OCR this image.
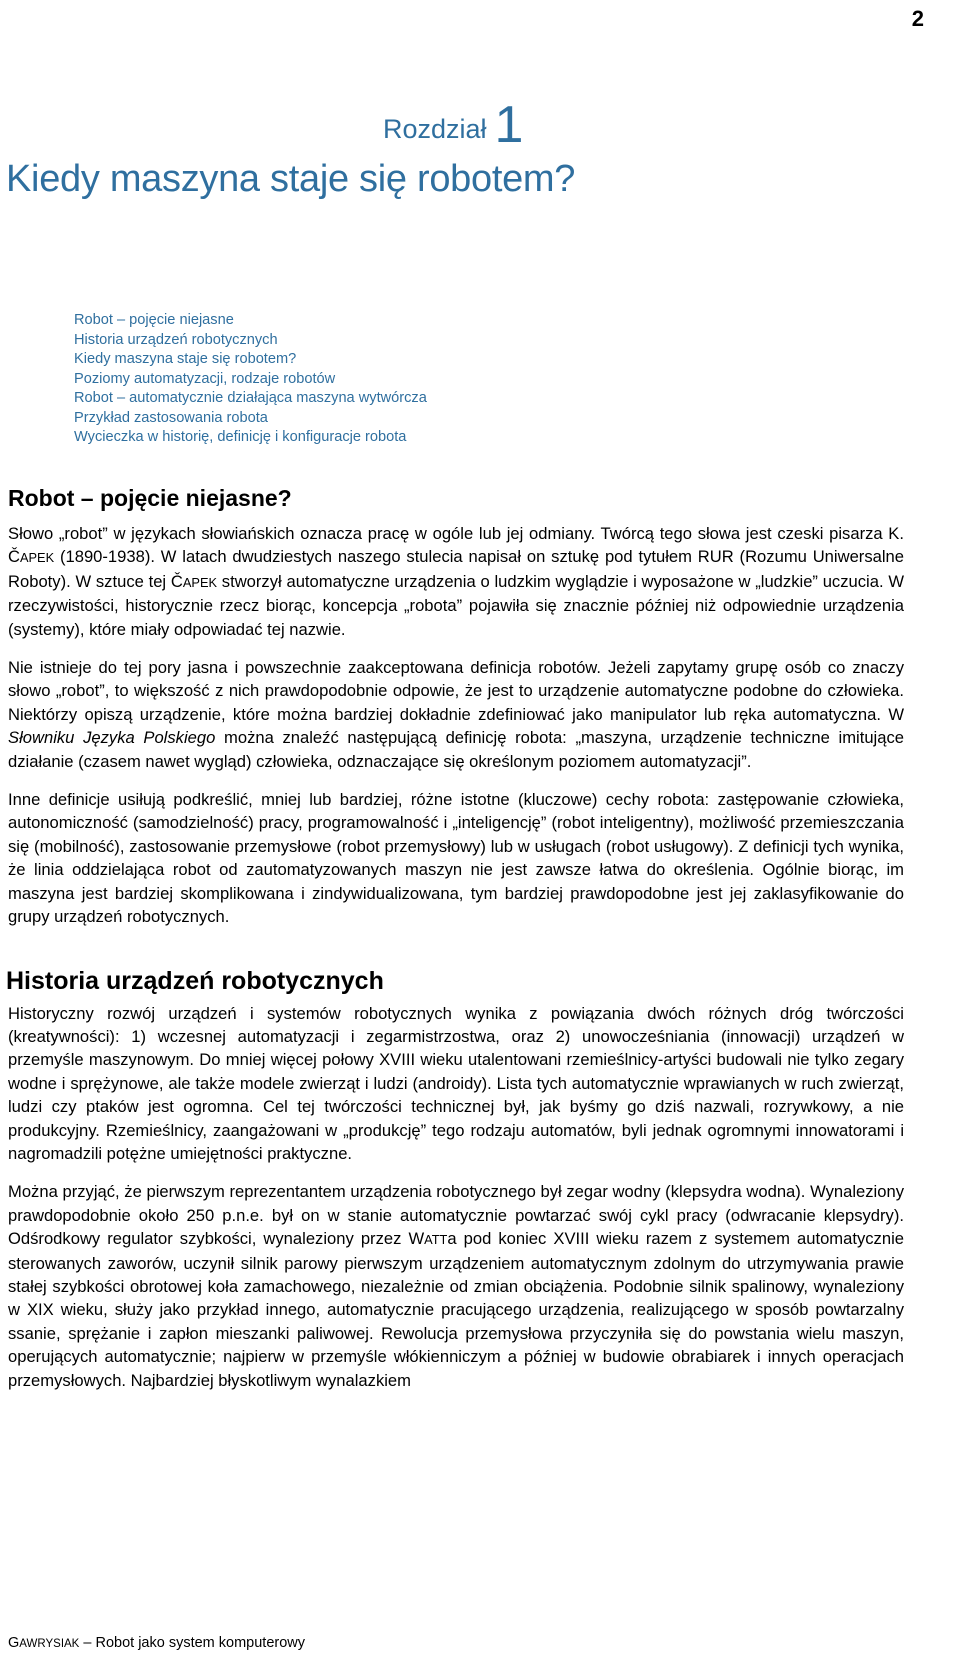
2
Rozdział 1
Kiedy maszyna staje się robotem?
Robot – pojęcie niejasne
Historia urządzeń robotycznych
Kiedy maszyna staje się robotem?
Poziomy automatyzacji, rodzaje robotów
Robot – automatycznie działająca maszyna wytwórcza
Przykład zastosowania robota
Wycieczka w historię, definicję i konfiguracje robota
Robot – pojęcie niejasne?

Słowo „robot” w językach słowiańskich oznacza pracę w ogóle lub jej odmiany. Twórcą tego słowa jest czeski pisarza K. ČAPEK (1890-1938). W latach dwudziestych naszego stulecia napisał on sztukę pod tytułem RUR (Rozumu Uniwersalne Roboty). W sztuce tej ČAPEK stworzył automatyczne urządzenia o ludzkim wyglądzie i wyposażone w „ludzkie” uczucia. W rzeczywistości, historycznie rzecz biorąc, koncepcja „robota” pojawiła się znacznie później niż odpowiednie urządzenia (systemy), które miały odpowiadać tej nazwie.

Nie istnieje do tej pory jasna i powszechnie zaakceptowana definicja robotów. Jeżeli zapytamy grupę osób co znaczy słowo „robot”, to większość z nich prawdopodobnie odpowie, że jest to urządzenie automatyczne podobne do człowieka. Niektórzy opiszą urządzenie, które można bardziej dokładnie zdefiniować jako manipulator lub ręka automatyczna. W Słowniku Języka Polskiego można znaleźć następującą definicję robota: „maszyna, urządzenie techniczne imitujące działanie (czasem nawet wygląd) człowieka, odznaczające się określonym poziomem automatyzacji”.

Inne definicje usiłują podkreślić, mniej lub bardziej, różne istotne (kluczowe) cechy robota: zastępowanie człowieka, autonomiczność (samodzielność) pracy, programowalność i „inteligencję” (robot inteligentny), możliwość przemieszczania się (mobilność), zastosowanie przemysłowe (robot przemysłowy) lub w usługach (robot usługowy). Z definicji tych wynika, że linia oddzielająca robot od zautomatyzowanych maszyn nie jest zawsze łatwa do określenia. Ogólnie biorąc, im maszyna jest bardziej skomplikowana i zindywidualizowana, tym bardziej prawdopodobne jest jej zaklasyfikowanie do grupy urządzeń robotycznych.

Historia urządzeń robotycznych

Historyczny rozwój urządzeń i systemów robotycznych wynika z powiązania dwóch różnych dróg twórczości (kreatywności): 1) wczesnej automatyzacji i zegarmistrzostwa, oraz 2) unowocześniania (innowacji) urządzeń w przemyśle maszynowym. Do mniej więcej połowy XVIII wieku utalentowani rzemieślnicy-artyści budowali nie tylko zegary wodne i sprężynowe, ale także modele zwierząt i ludzi (androidy). Lista tych automatycznie wprawianych w ruch zwierząt, ludzi czy ptaków jest ogromna. Cel tej twórczości technicznej był, jak byśmy go dziś nazwali, rozrywkowy, a nie produkcyjny. Rzemieślnicy, zaangażowani w „produkcję” tego rodzaju automatów, byli jednak ogromnymi innowatorami i nagromadzili potężne umiejętności praktyczne.

Można przyjąć, że pierwszym reprezentantem urządzenia robotycznego był zegar wodny (klepsydra wodna). Wynaleziony prawdopodobnie około 250 p.n.e. był on w stanie automatycznie powtarzać swój cykl pracy (odwracanie klepsydry). Odśrodkowy regulator szybkości, wynaleziony przez WATTa pod koniec XVIII wieku razem z systemem automatycznie sterowanych zaworów, uczynił silnik parowy pierwszym urządzeniem automatycznym zdolnym do utrzymywania prawie stałej szybkości obrotowej koła zamachowego, niezależnie od zmian obciążenia. Podobnie silnik spalinowy, wynaleziony w XIX wieku, służy jako przykład innego, automatycznie pracującego urządzenia, realizującego w sposób powtarzalny ssanie, sprężanie i zapłon mieszanki paliwowej. Rewolucja przemysłowa przyczyniła się do powstania wielu maszyn, operujących automatycznie; najpierw w przemyśle włókienniczym a później w budowie obrabiarek i innych operacjach przemysłowych. Najbardziej błyskotliwym wynalazkiem

GAWRYSIAK – Robot jako system komputerowy
